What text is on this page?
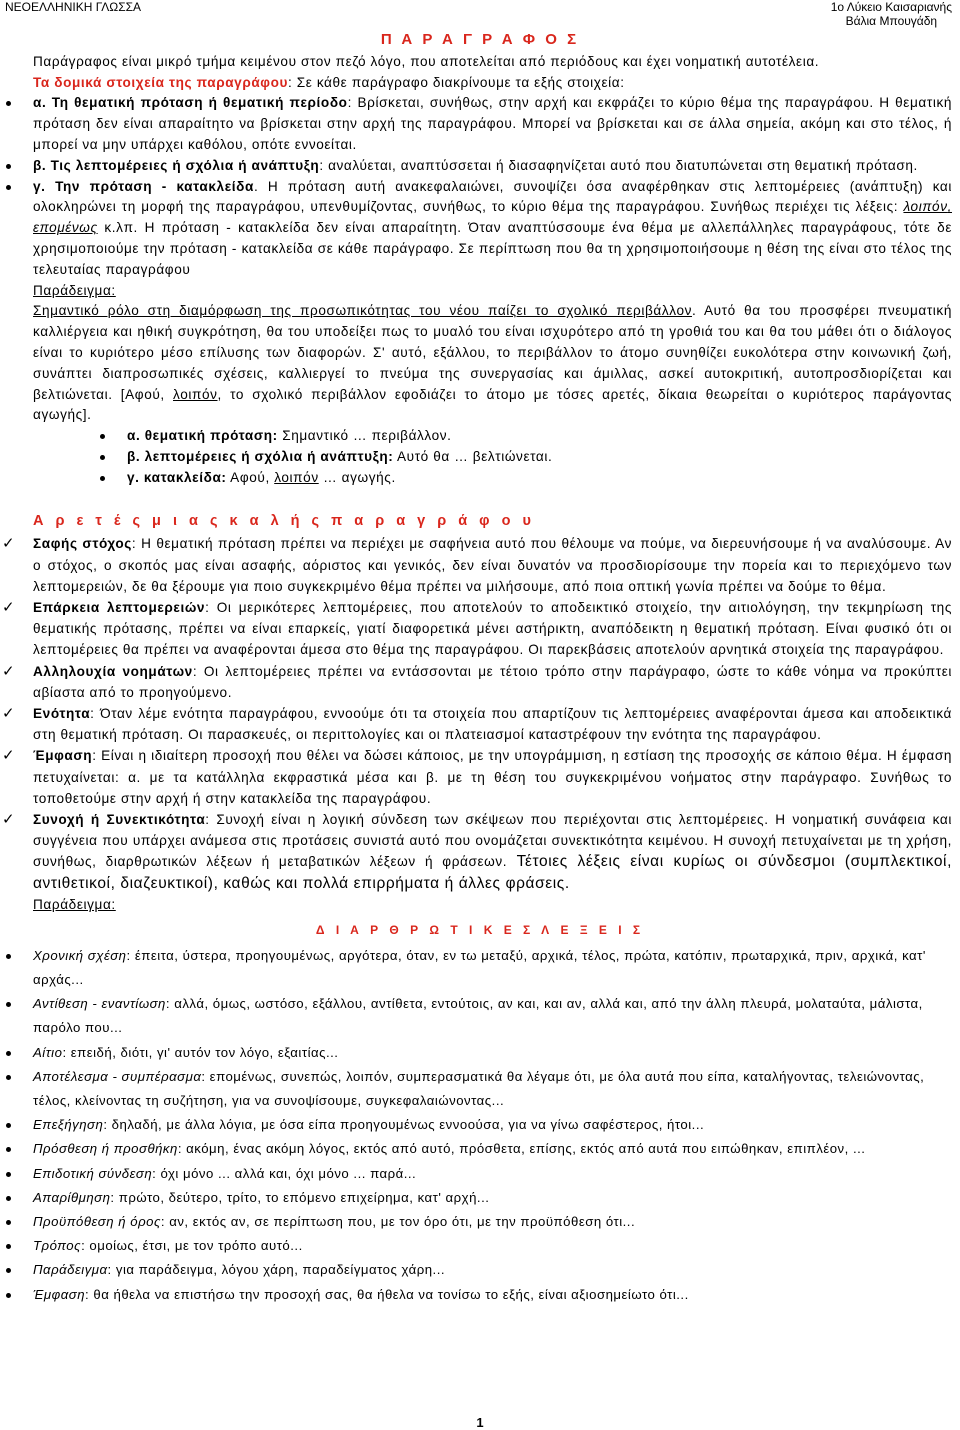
ΝΕΟΕΛΛΗΝΙΚΗ ΓΛΩΣΣΑ	1ο Λύκειο Καισαριανής
Βάλια Μπουγάδη
Π Α Ρ Α Γ Ρ Α Φ Ο Σ
Παράγραφος είναι μικρό τμήμα κειμένου στον πεζό λόγο, που αποτελείται από περιόδους και έχει νοηματική αυτοτέλεια.
Τα δομικά στοιχεία της παραγράφου: Σε κάθε παράγραφο διακρίνουμε τα εξής στοιχεία:
α. Τη θεματική πρόταση ή θεματική περίοδο: Βρίσκεται, συνήθως, στην αρχή και εκφράζει το κύριο θέμα της παραγράφου. Η θεματική πρόταση δεν είναι απαραίτητο να βρίσκεται στην αρχή της παραγράφου. Μπορεί να βρίσκεται και σε άλλα σημεία, ακόμη και στο τέλος, ή μπορεί να μην υπάρχει καθόλου, οπότε εννοείται.
β. Τις λεπτομέρειες ή σχόλια ή ανάπτυξη: αναλύεται, αναπτύσσεται ή διασαφηνίζεται αυτό που διατυπώνεται στη θεματική πρόταση.
γ. Την πρόταση - κατακλείδα. Η πρόταση αυτή ανακεφαλαιώνει, συνοψίζει όσα αναφέρθηκαν στις λεπτομέρειες (ανάπτυξη) και ολοκληρώνει τη μορφή της παραγράφου, υπενθυμίζοντας, συνήθως, το κύριο θέμα της παραγράφου. Συνήθως περιέχει τις λέξεις: λοιπόν, επομένως κ.λπ. Η πρόταση - κατακλείδα δεν είναι απαραίτητη. Όταν αναπτύσσουμε ένα θέμα με αλλεπάλληλες παραγράφους, τότε δε χρησιμοποιούμε την πρόταση - κατακλείδα σε κάθε παράγραφο. Σε περίπτωση που θα τη χρησιμοποιήσουμε η θέση της είναι στο τέλος της τελευταίας παραγράφου
Παράδειγμα:
Σημαντικό ρόλο στη διαμόρφωση της προσωπικότητας του νέου παίζει το σχολικό περιβάλλον. Αυτό θα του προσφέρει πνευματική καλλιέργεια και ηθική συγκρότηση, θα του υποδείξει πως το μυαλό του είναι ισχυρότερο από τη γροθιά του και θα του μάθει ότι ο διάλογος είναι το κυριότερο μέσο επίλυσης των διαφορών. Σ' αυτό, εξάλλου, το περιβάλλον το άτομο συνηθίζει ευκολότερα στην κοινωνική ζωή, συνάπτει διαπροσωπικές σχέσεις, καλλιεργεί το πνεύμα της συνεργασίας και άμιλλας, ασκεί αυτοκριτική, αυτοπροσδιορίζεται και βελτιώνεται. [Αφού, λοιπόν, το σχολικό περιβάλλον εφοδιάζει το άτομο με τόσες αρετές, δίκαια θεωρείται ο κυριότερος παράγοντας αγωγής].
α. θεματική πρόταση: Σημαντικό … περιβάλλον.
β. λεπτομέρειες ή σχόλια ή ανάπτυξη: Αυτό θα … βελτιώνεται.
γ. κατακλείδα: Αφού, λοιπόν … αγωγής.
Α ρ ε τ έ ς μ ι α ς κ α λ ή ς π α ρ α γ ρ ά φ ο υ
✓ Σαφής στόχος: Η θεματική πρόταση πρέπει να περιέχει με σαφήνεια αυτό που θέλουμε να πούμε, να διερευνήσουμε ή να αναλύσουμε. Αν ο στόχος, ο σκοπός μας είναι ασαφής, αόριστος και γενικός, δεν είναι δυνατόν να προσδιορίσουμε την πορεία και το περιεχόμενο των λεπτομερειών, δε θα ξέρουμε για ποιο συγκεκριμένο θέμα πρέπει να μιλήσουμε, από ποια οπτική γωνία πρέπει να δούμε το θέμα.
✓ Επάρκεια λεπτομερειών: Οι μερικότερες λεπτομέρειες, που αποτελούν το αποδεικτικό στοιχείο, την αιτιολόγηση, την τεκμηρίωση της θεματικής πρότασης, πρέπει να είναι επαρκείς, γιατί διαφορετικά μένει αστήρικτη, αναπόδεικτη η θεματική πρόταση. Είναι φυσικό ότι οι λεπτομέρειες θα πρέπει να αναφέρονται άμεσα στο θέμα της παραγράφου. Οι παρεκβάσεις αποτελούν αρνητικά στοιχεία της παραγράφου.
✓ Αλληλουχία νοημάτων: Οι λεπτομέρειες πρέπει να εντάσσονται με τέτοιο τρόπο στην παράγραφο, ώστε το κάθε νόημα να προκύπτει αβίαστα από το προηγούμενο.
✓ Ενότητα: Όταν λέμε ενότητα παραγράφου, εννοούμε ότι τα στοιχεία που απαρτίζουν τις λεπτομέρειες αναφέρονται άμεσα και αποδεικτικά στη θεματική πρόταση. Οι παρασκευές, οι περιττολογίες και οι πλατειασμοί καταστρέφουν την ενότητα της παραγράφου.
✓ Έμφαση: Είναι η ιδιαίτερη προσοχή που θέλει να δώσει κάποιος, με την υπογράμμιση, η εστίαση της προσοχής σε κάποιο θέμα. Η έμφαση πετυχαίνεται: α. με τα κατάλληλα εκφραστικά μέσα και β. με τη θέση του συγκεκριμένου νοήματος στην παράγραφο. Συνήθως το τοποθετούμε στην αρχή ή στην κατακλείδα της παραγράφου.
✓ Συνοχή ή Συνεκτικότητα: Συνοχή είναι η λογική σύνδεση των σκέψεων που περιέχονται στις λεπτομέρειες. Η νοηματική συνάφεια και συγγένεια που υπάρχει ανάμεσα στις προτάσεις συνιστά αυτό που ονομάζεται συνεκτικότητα κειμένου. Η συνοχή πετυχαίνεται με τη χρήση, συνήθως, διαρθρωτικών λέξεων ή μεταβατικών λέξεων ή φράσεων. Τέτοιες λέξεις είναι κυρίως οι σύνδεσμοι (συμπλεκτικοί, αντιθετικοί, διαζευκτικοί), καθώς και πολλά επιρρήματα ή άλλες φράσεις.
Παράδειγμα:
Δ Ι Α Ρ Θ Ρ Ω Τ Ι Κ Ε Σ Λ Ε Ξ Ε Ι Σ
Χρονική σχέση: έπειτα, ύστερα, προηγουμένως, αργότερα, όταν, εν τω μεταξύ, αρχικά, τέλος, πρώτα, κατόπιν, πρωταρχικά, πριν, αρχικά, κατ' αρχάς...
Αντίθεση - εναντίωση: αλλά, όμως, ωστόσο, εξάλλου, αντίθετα, εντούτοις, αν και, και αν, αλλά και, από την άλλη πλευρά, μολαταύτα, μάλιστα, παρόλο που...
Αίτιο: επειδή, διότι, γι' αυτόν τον λόγο, εξαιτίας...
Αποτέλεσμα - συμπέρασμα: επομένως, συνεπώς, λοιπόν, συμπερασματικά θα λέγαμε ότι, με όλα αυτά που είπα, καταλήγοντας, τελειώνοντας, τέλος, κλείνοντας τη συζήτηση, για να συνοψίσουμε, συγκεφαλαιώνοντας...
Επεξήγηση: δηλαδή, με άλλα λόγια, με όσα είπα προηγουμένως εννοούσα, για να γίνω σαφέστερος, ήτοι...
Πρόσθεση ή προσθήκη: ακόμη, ένας ακόμη λόγος, εκτός από αυτό, πρόσθετα, επίσης, εκτός από αυτά που ειπώθηκαν, επιπλέον, ...
Επιδοτική σύνδεση: όχι μόνο ... αλλά και, όχι μόνο ... παρά...
Απαρίθμηση: πρώτο, δεύτερο, τρίτο, το επόμενο επιχείρημα, κατ' αρχή...
Προϋπόθεση ή όρος: αν, εκτός αν, σε περίπτωση που, με τον όρο ότι, με την προϋπόθεση ότι...
Τρόπος: ομοίως, έτσι, με τον τρόπο αυτό...
Παράδειγμα: για παράδειγμα, λόγου χάρη, παραδείγματος χάρη...
Έμφαση: θα ήθελα να επιστήσω την προσοχή σας, θα ήθελα να τονίσω το εξής, είναι αξιοσημείωτο ότι...
1
